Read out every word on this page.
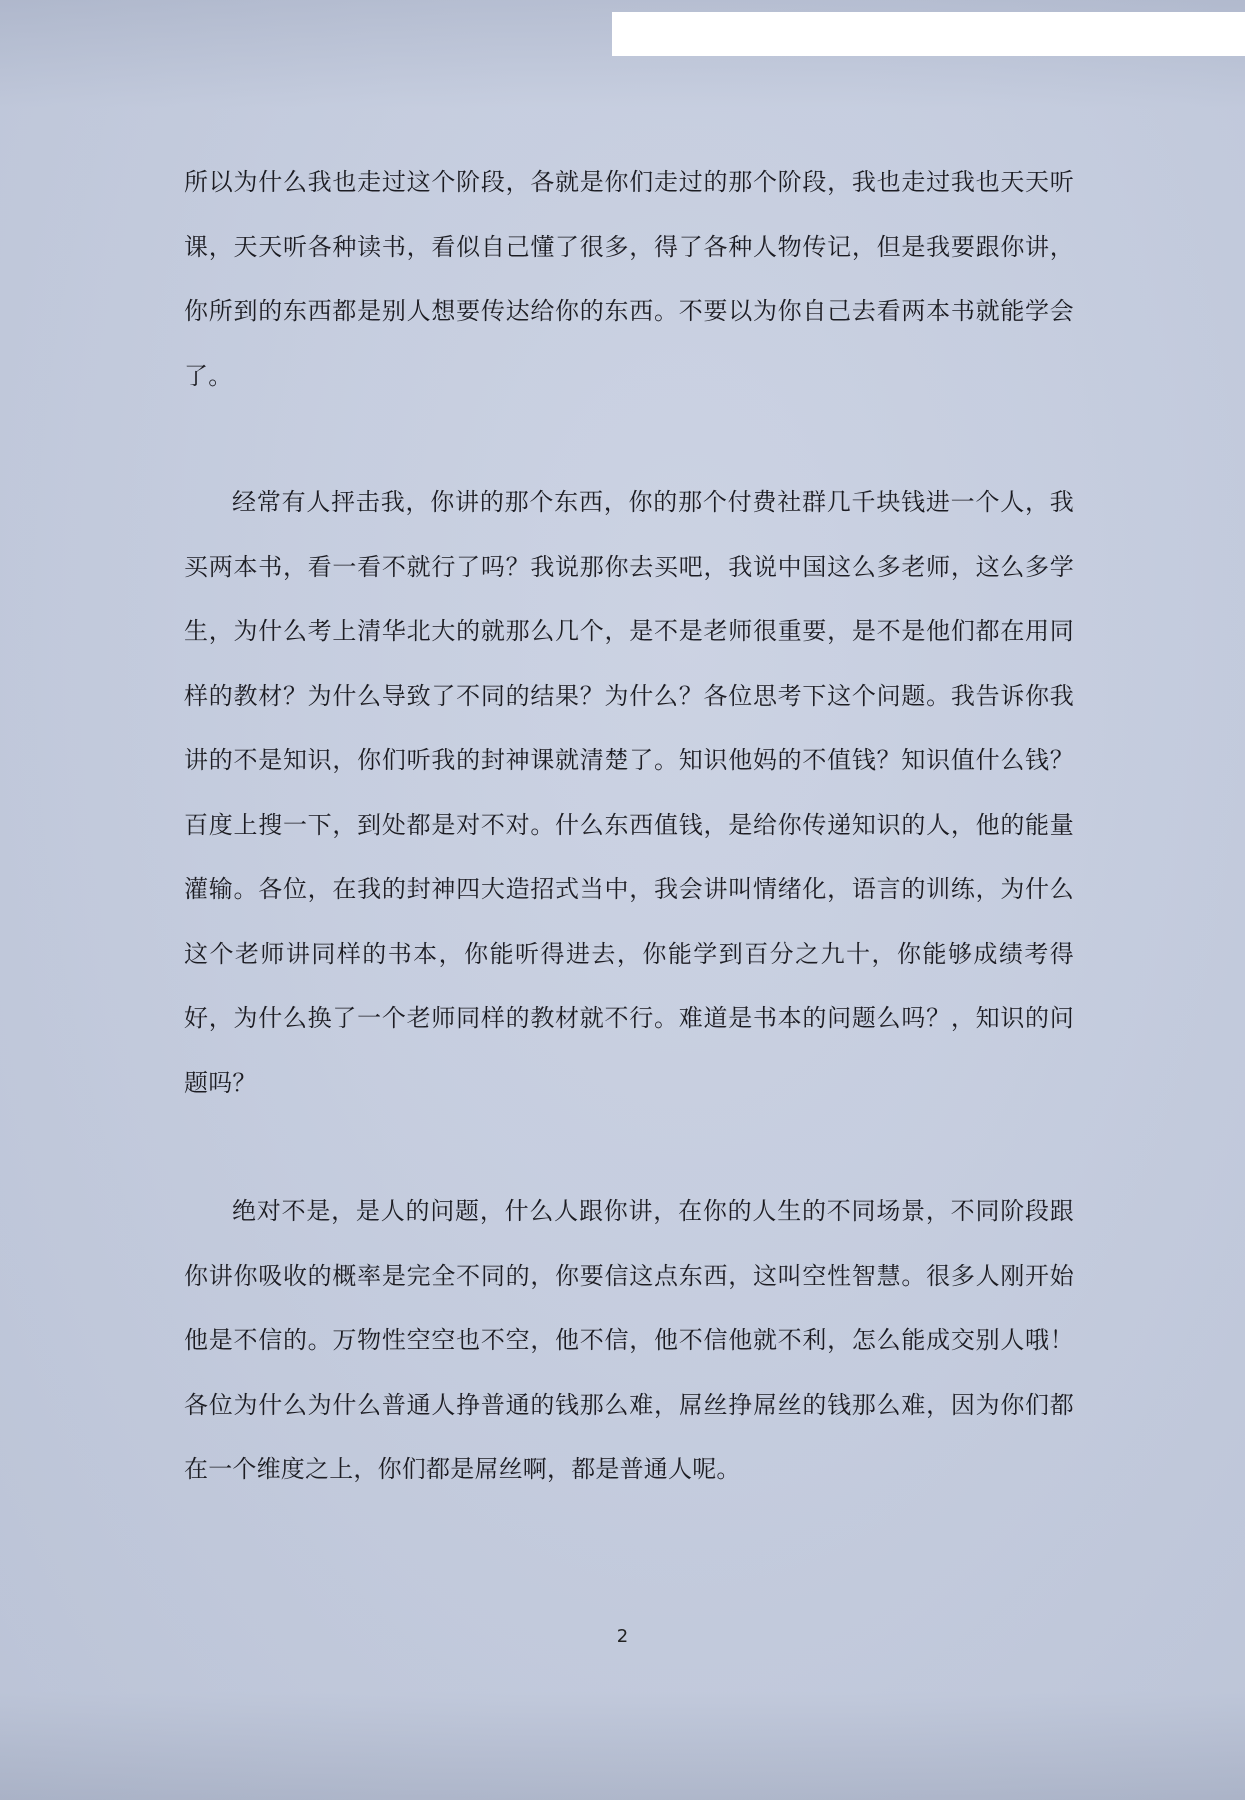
所以为什么我也走过这个阶段，各就是你们走过的那个阶段，我也走过我也天天听课，天天听各种读书，看似自己懂了很多，得了各种人物传记，但是我要跟你讲，你所到的东西都是别人想要传达给你的东西。不要以为你自己去看两本书就能学会了。

经常有人抨击我，你讲的那个东西，你的那个付费社群几千块钱进一个人，我买两本书，看一看不就行了吗？我说那你去买吧，我说中国这么多老师，这么多学生，为什么考上清华北大的就那么几个，是不是老师很重要，是不是他们都在用同样的教材？为什么导致了不同的结果？为什么？各位思考下这个问题。我告诉你我讲的不是知识，你们听我的封神课就清楚了。知识他妈的不值钱？知识值什么钱？百度上搜一下，到处都是对不对。什么东西值钱，是给你传递知识的人，他的能量灌输。各位，在我的封神四大造招式当中，我会讲叫情绪化，语言的训练，为什么这个老师讲同样的书本，你能听得进去，你能学到百分之九十，你能够成绩考得好，为什么换了一个老师同样的教材就不行。难道是书本的问题么吗？，知识的问题吗？

绝对不是，是人的问题，什么人跟你讲，在你的人生的不同场景，不同阶段跟你讲你吸收的概率是完全不同的，你要信这点东西，这叫空性智慧。很多人刚开始他是不信的。万物性空空也不空，他不信，他不信他就不利，怎么能成交别人哦！各位为什么为什么普通人挣普通的钱那么难，屌丝挣屌丝的钱那么难，因为你们都在一个维度之上，你们都是屌丝啊，都是普通人呢。

2
